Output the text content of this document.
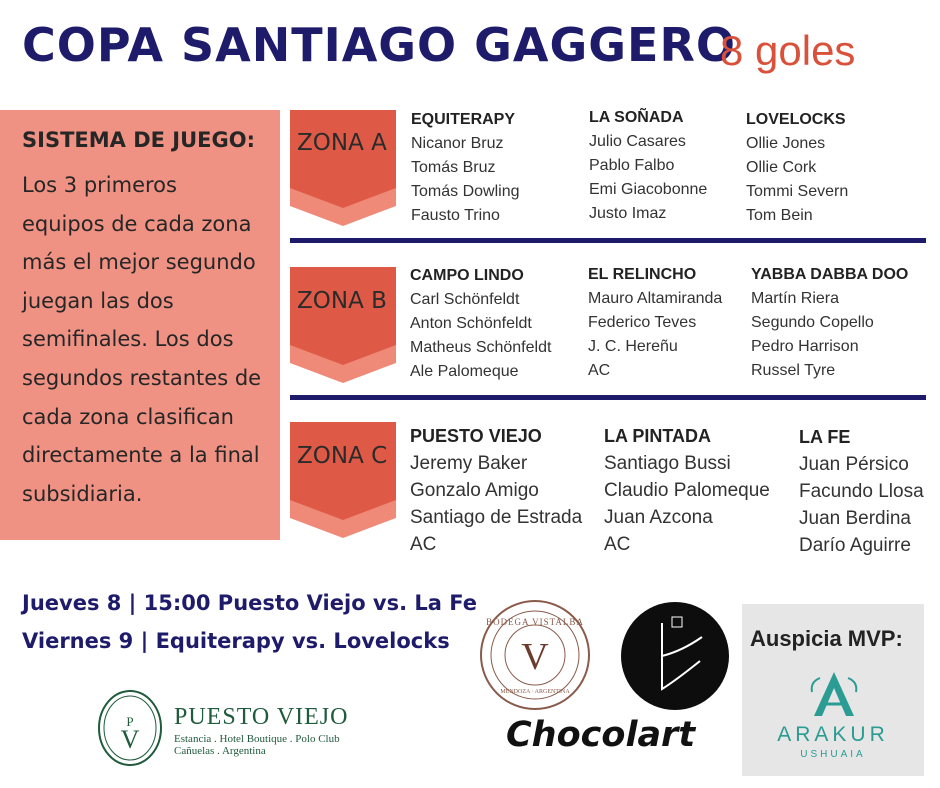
COPA SANTIAGO GAGGERO
8 goles
SISTEMA DE JUEGO:
Los 3 primeros
equipos de cada zona
más el mejor segundo
juegan las dos
semifinales. Los dos
segundos restantes de
cada zona clasifican
directamente a la final
subsidiaria.
ZONA A
EQUITERAPY
Nicanor Bruz
Tomás Bruz
Tomás Dowling
Fausto Trino
LA SOÑADA
Julio Casares
Pablo Falbo
Emi Giacobonne
Justo Imaz
LOVELOCKS
Ollie Jones
Ollie Cork
Tommi Severn
Tom Bein
ZONA B
CAMPO LINDO
Carl Schönfeldt
Anton Schönfeldt
Matheus Schönfeldt
Ale Palomeque
EL RELINCHO
Mauro Altamiranda
Federico Teves
J. C. Hereñu
AC
YABBA DABBA DOO
Martín Riera
Segundo Copello
Pedro Harrison
Russel Tyre
ZONA C
PUESTO VIEJO
Jeremy Baker
Gonzalo Amigo
Santiago de Estrada
AC
LA PINTADA
Santiago Bussi
Claudio Palomeque
Juan Azcona
AC
LA FE
Juan Pérsico
Facundo Llosa
Juan Berdina
Darío Aguirre
Jueves 8 | 15:00 Puesto Viejo vs. La Fe
Viernes 9 | Equiterapy vs. Lovelocks
P
V
PUESTO VIEJO
Estancia . Hotel Boutique . Polo Club
Cañuelas . Argentina
BODEGA VISTALBA
V
MENDOZA · ARGENTINA
Chocolart
Auspicia MVP:
ARAKUR
USHUAIA
